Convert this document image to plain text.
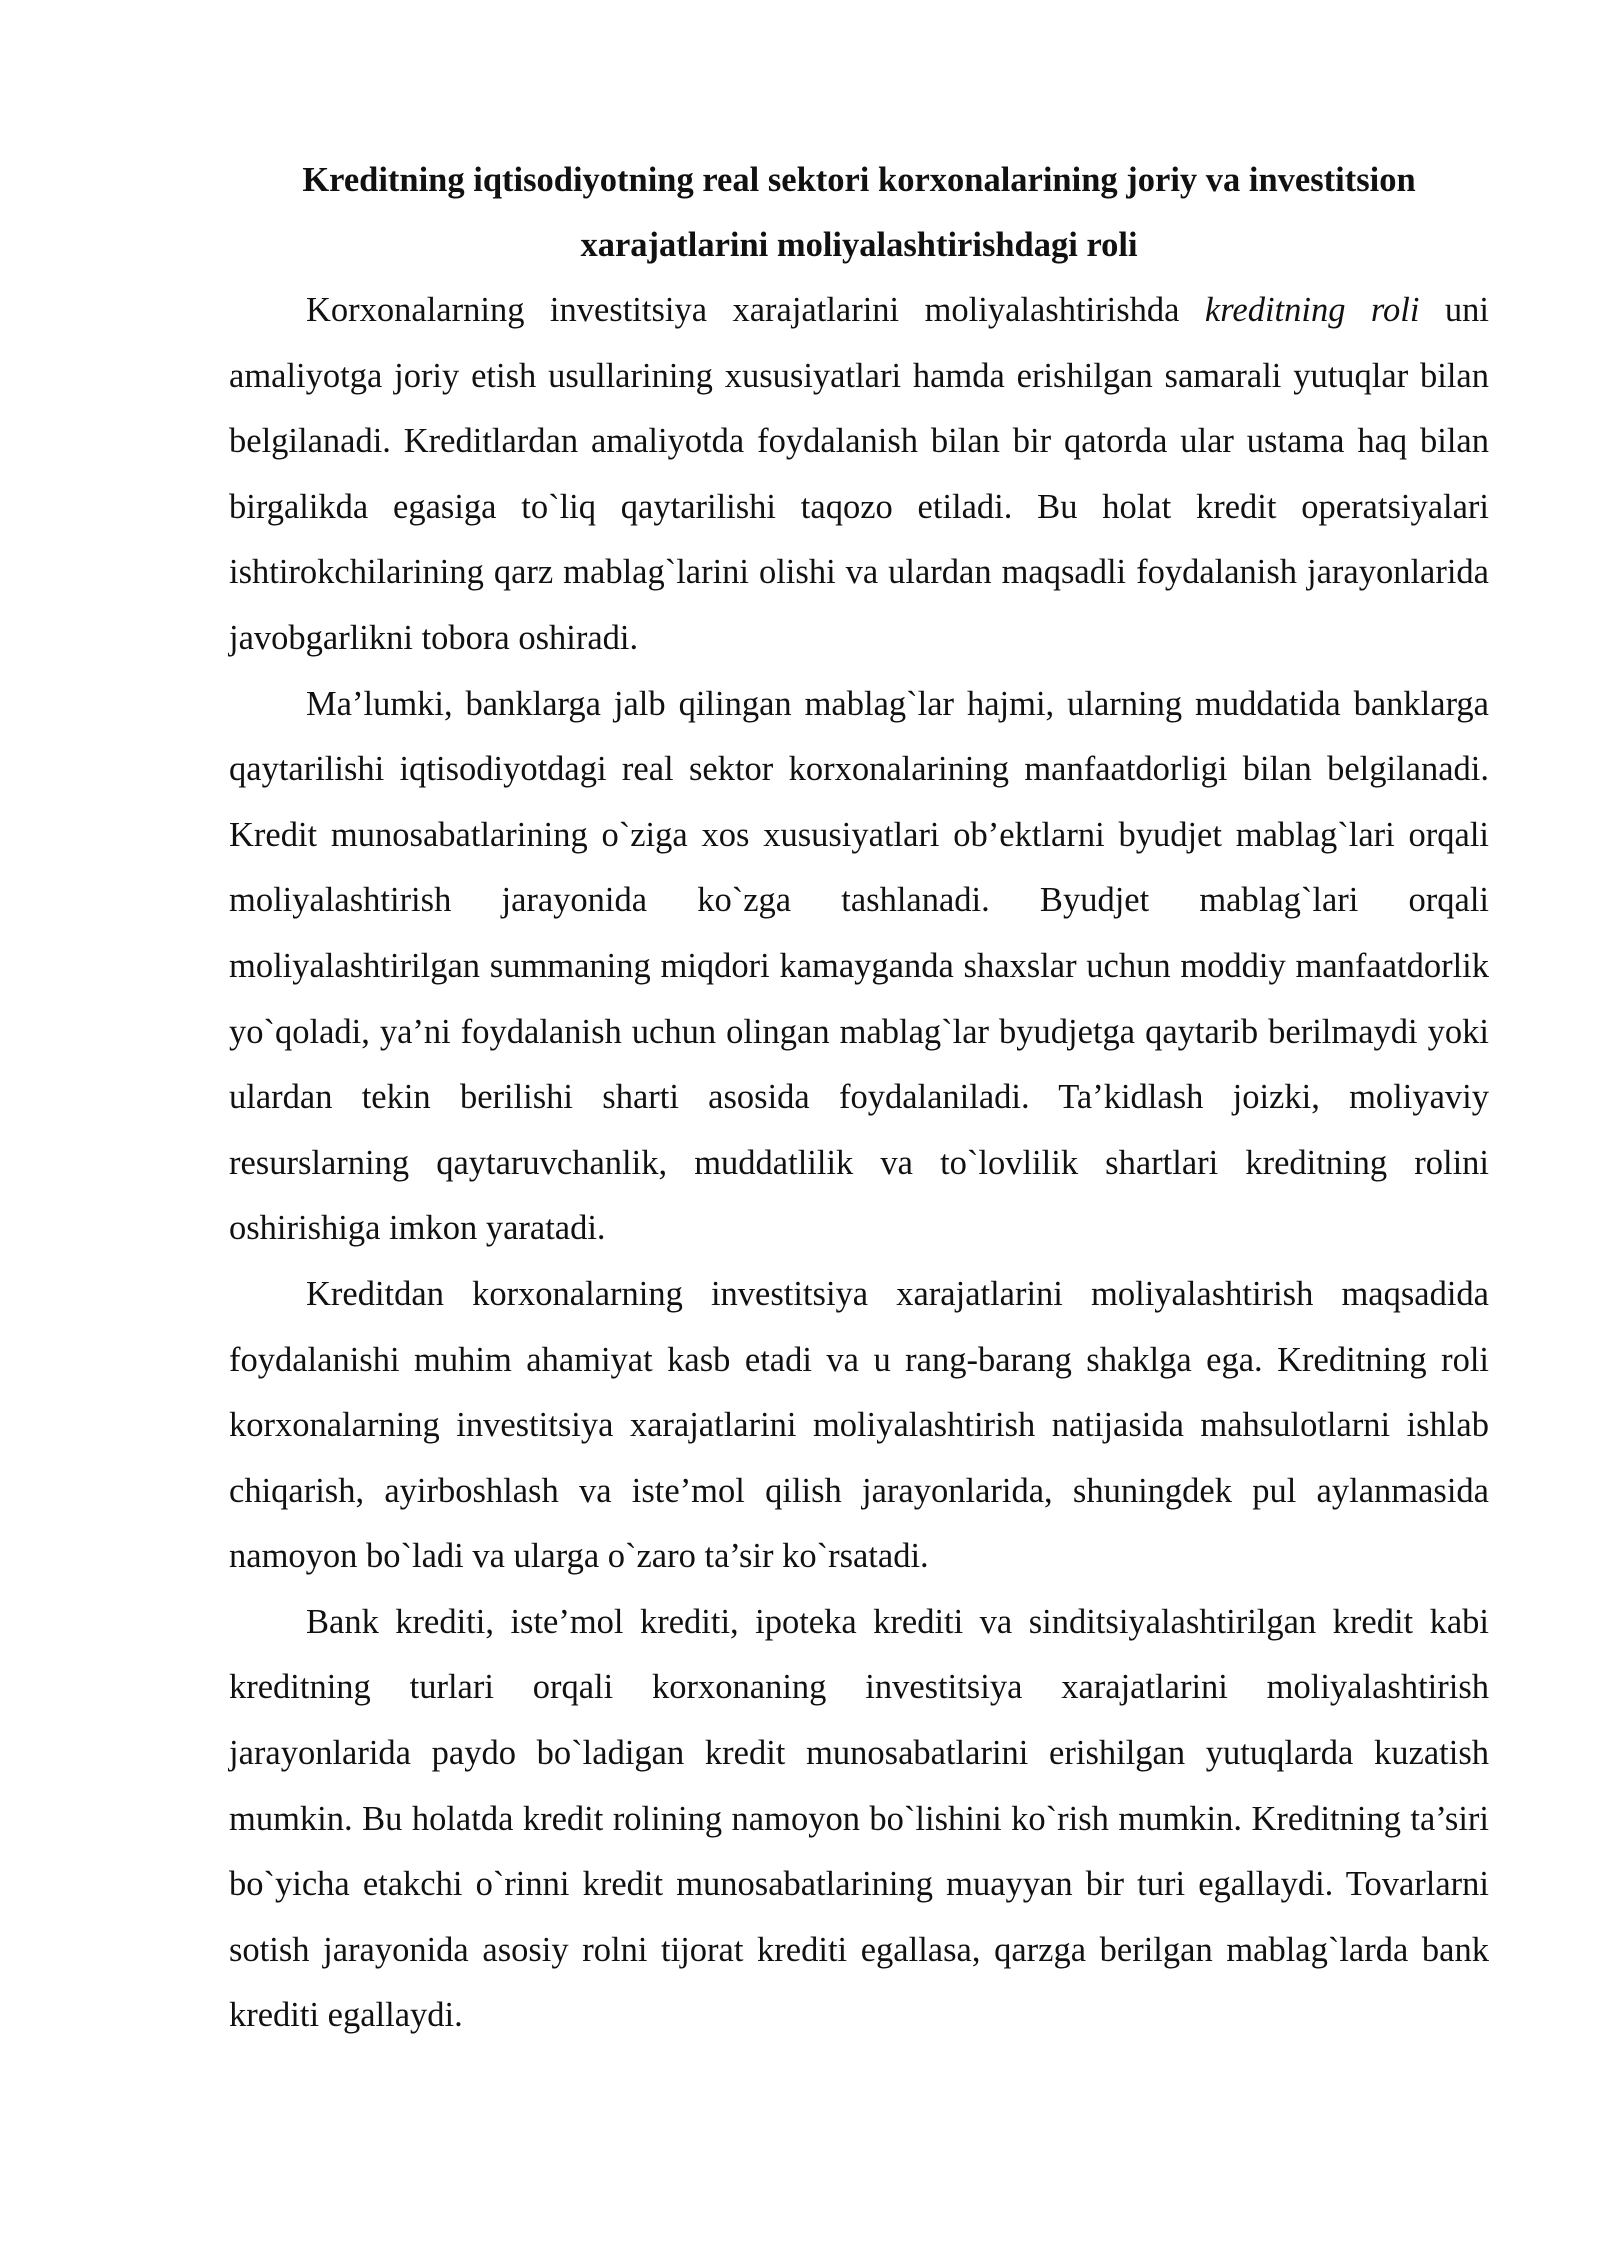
Kreditning iqtisodiyotning real sektori korxonalarining joriy va investitsion xarajatlarini moliyalashtirishdagi roli

Korxonalarning investitsiya xarajatlarini moliyalashtirishda kreditning roli uni amaliyotga joriy etish usullarining xususiyatlari hamda erishilgan samarali yutuqlar bilan belgilanadi. Kreditlardan amaliyotda foydalanish bilan bir qatorda ular ustama haq bilan birgalikda egasiga to`liq qaytarilishi taqozo etiladi. Bu holat kredit operatsiyalari ishtirokchilarining qarz mablag`larini olishi va ulardan maqsadli foydalanish jarayonlarida javobgarlikni tobora oshiradi.

Ma’lumki, banklarga jalb qilingan mablag`lar hajmi, ularning muddatida banklarga qaytarilishi iqtisodiyotdagi real sektor korxonalarining manfaatdorligi bilan belgilanadi. Kredit munosabatlarining o`ziga xos xususiyatlari ob’ektlarni byudjet mablag`lari orqali moliyalashtirish jarayonida ko`zga tashlanadi. Byudjet mablag`lari orqali moliyalashtirilgan summaning miqdori kamayganda shaxslar uchun moddiy manfaatdorlik yo`qoladi, ya’ni foydalanish uchun olingan mablag`lar byudjetga qaytarib berilmaydi yoki ulardan tekin berilishi sharti asosida foydalaniladi. Ta’kidlash joizki, moliyaviy resurslarning qaytaruvchanlik, muddatlilik va to`lovlilik shartlari kreditning rolini oshirishiga imkon yaratadi.

Kreditdan korxonalarning investitsiya xarajatlarini moliyalashtirish maqsadida foydalanishi muhim ahamiyat kasb etadi va u rang-barang shaklga ega. Kreditning roli korxonalarning investitsiya xarajatlarini moliyalashtirish natijasida mahsulotlarni ishlab chiqarish, ayirboshlash va iste’mol qilish jarayonlarida, shuningdek pul aylanmasida namoyon bo`ladi va ularga o`zaro ta’sir ko`rsatadi.

Bank krediti, iste’mol krediti, ipoteka krediti va sinditsiyalashtirilgan kredit kabi kreditning turlari orqali korxonaning investitsiya xarajatlarini moliyalashtirish jarayonlarida paydo bo`ladigan kredit munosabatlarini erishilgan yutuqlarda kuzatish mumkin. Bu holatda kredit rolining namoyon bo`lishini ko`rish mumkin. Kreditning ta’siri bo`yicha etakchi o`rinni kredit munosabatlarining muayyan bir turi egallaydi. Tovarlarni sotish jarayonida asosiy rolni tijorat krediti egallasa, qarzga berilgan mablag`larda bank krediti egallaydi.
